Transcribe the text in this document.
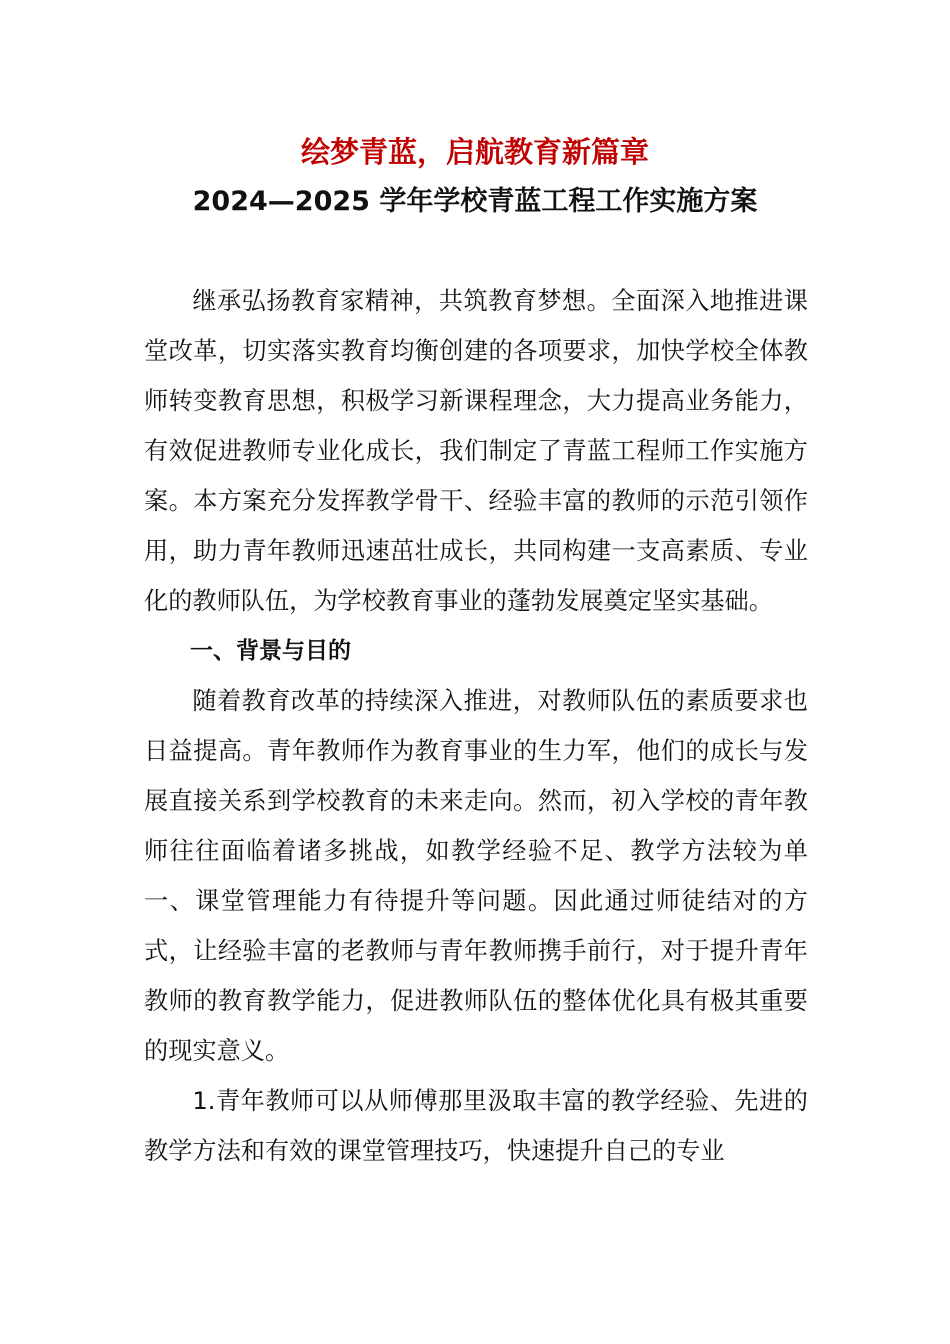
绘梦青蓝，启航教育新篇章
2024—2025 学年学校青蓝工程工作实施方案

继承弘扬教育家精神，共筑教育梦想。全面深入地推进课堂改革，切实落实教育均衡创建的各项要求，加快学校全体教师转变教育思想，积极学习新课程理念，大力提高业务能力，有效促进教师专业化成长，我们制定了青蓝工程师工作实施方案。本方案充分发挥教学骨干、经验丰富的教师的示范引领作用，助力青年教师迅速茁壮成长，共同构建一支高素质、专业化的教师队伍，为学校教育事业的蓬勃发展奠定坚实基础。

一、背景与目的

随着教育改革的持续深入推进，对教师队伍的素质要求也日益提高。青年教师作为教育事业的生力军，他们的成长与发展直接关系到学校教育的未来走向。然而，初入学校的青年教师往往面临着诸多挑战，如教学经验不足、教学方法较为单一、课堂管理能力有待提升等问题。因此通过师徒结对的方式，让经验丰富的老教师与青年教师携手前行，对于提升青年教师的教育教学能力，促进教师队伍的整体优化具有极其重要的现实意义。

1.青年教师可以从师傅那里汲取丰富的教学经验、先进的教学方法和有效的课堂管理技巧，快速提升自己的专业
